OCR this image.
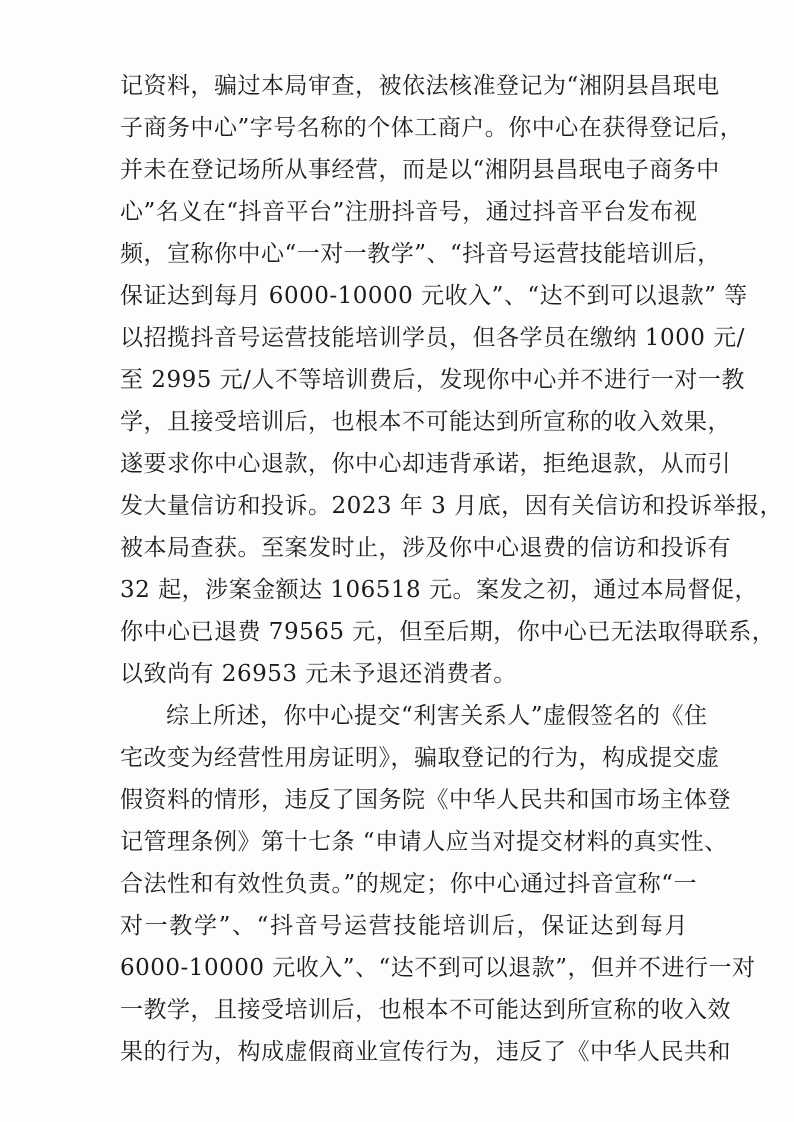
记资料，骗过本局审查，被依法核准登记为“湘阴县昌珉电
子商务中心”字号名称的个体工商户。你中心在获得登记后，
并未在登记场所从事经营，而是以“湘阴县昌珉电子商务中
心”名义在“抖音平台”注册抖音号，通过抖音平台发布视
频，宣称你中心“一对一教学”、“抖音号运营技能培训后，
保证达到每月 6000-10000 元收入”、“达不到可以退款” 等
以招揽抖音号运营技能培训学员，但各学员在缴纳 1000 元/
至 2995 元/人不等培训费后，发现你中心并不进行一对一教
学，且接受培训后，也根本不可能达到所宣称的收入效果，
遂要求你中心退款，你中心却违背承诺，拒绝退款，从而引
发大量信访和投诉。2023 年 3 月底，因有关信访和投诉举报，
被本局查获。至案发时止，涉及你中心退费的信访和投诉有
32 起，涉案金额达 106518 元。案发之初，通过本局督促，
你中心已退费 79565 元，但至后期，你中心已无法取得联系，
以致尚有 26953 元未予退还消费者。
综上所述，你中心提交“利害关系人”虚假签名的《住
宅改变为经营性用房证明》，骗取登记的行为，构成提交虚
假资料的情形，违反了国务院《中华人民共和国市场主体登
记管理条例》第十七条 “申请人应当对提交材料的真实性、
合法性和有效性负责。”的规定；你中心通过抖音宣称“一
对一教学”、“抖音号运营技能培训后，保证达到每月
6000-10000 元收入”、“达不到可以退款”，但并不进行一对
一教学，且接受培训后，也根本不可能达到所宣称的收入效
果的行为，构成虚假商业宣传行为，违反了《中华人民共和
